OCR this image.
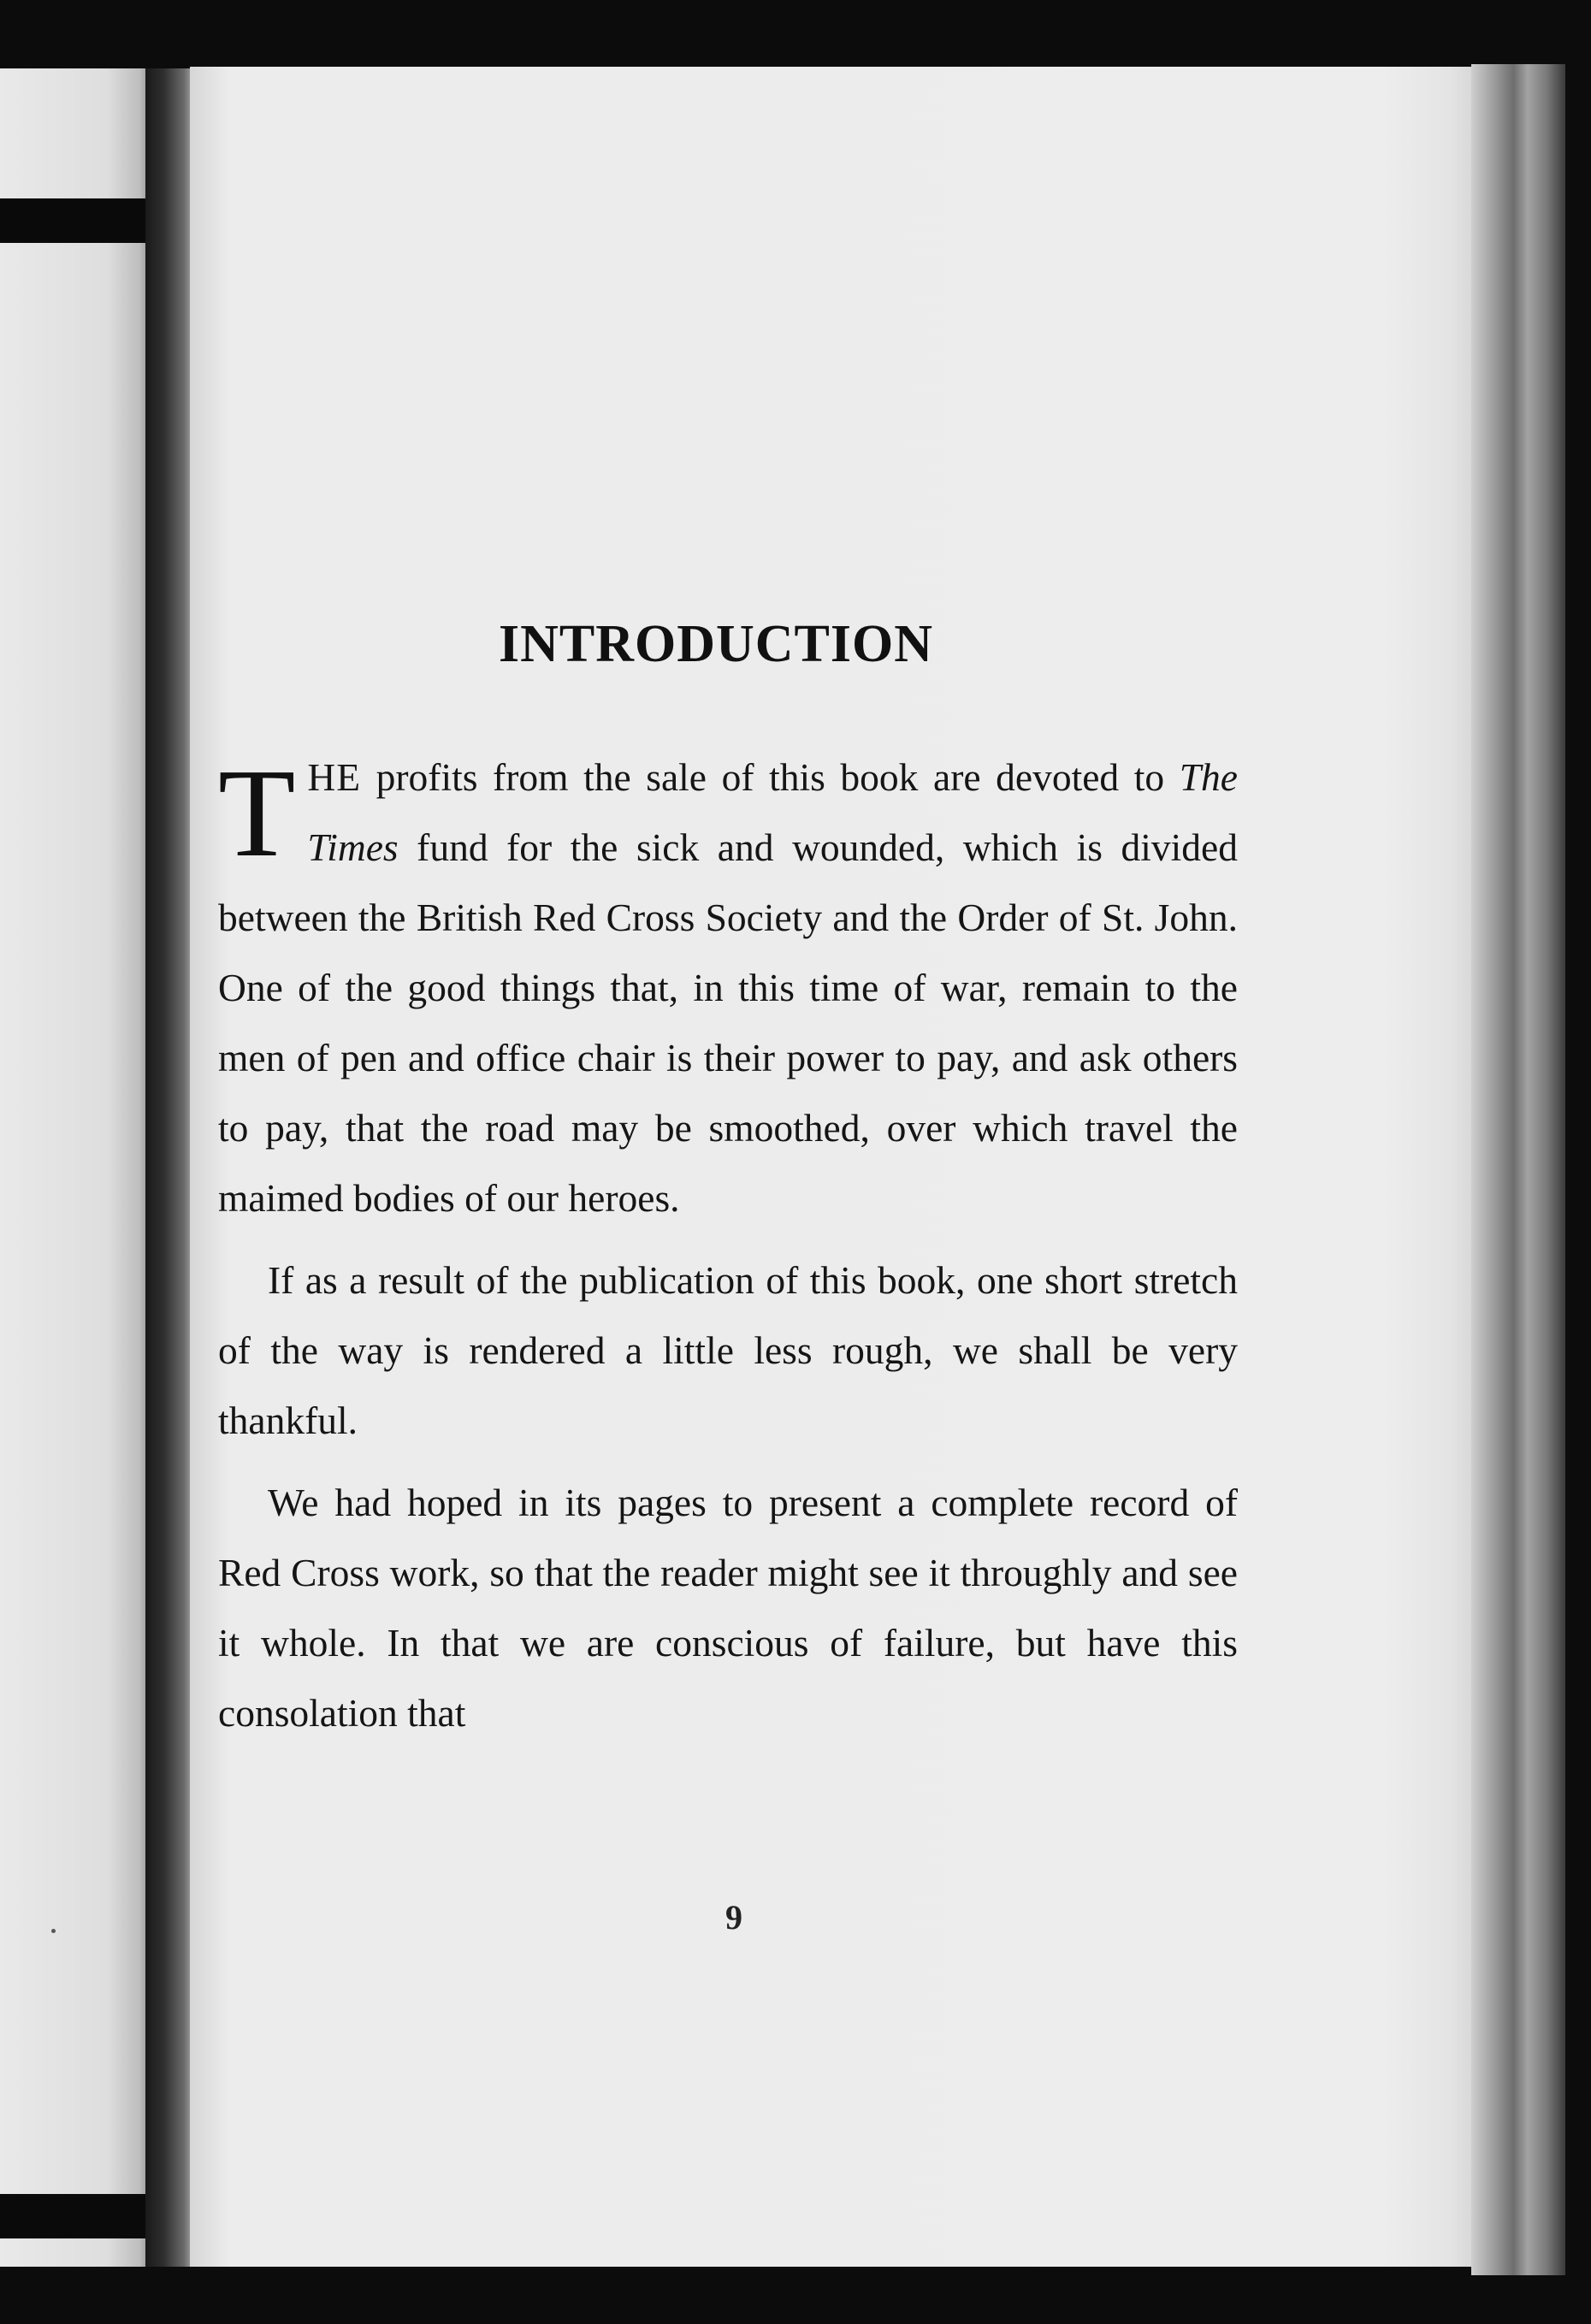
INTRODUCTION

THE profits from the sale of this book are devoted to The Times fund for the sick and wounded, which is divided between the British Red Cross Society and the Order of St. John. One of the good things that, in this time of war, remain to the men of pen and office chair is their power to pay, and ask others to pay, that the road may be smoothed, over which travel the maimed bodies of our heroes.

If as a result of the publication of this book, one short stretch of the way is rendered a little less rough, we shall be very thankful.

We had hoped in its pages to present a complete record of Red Cross work, so that the reader might see it throughly and see it whole. In that we are conscious of failure, but have this consolation that

9
